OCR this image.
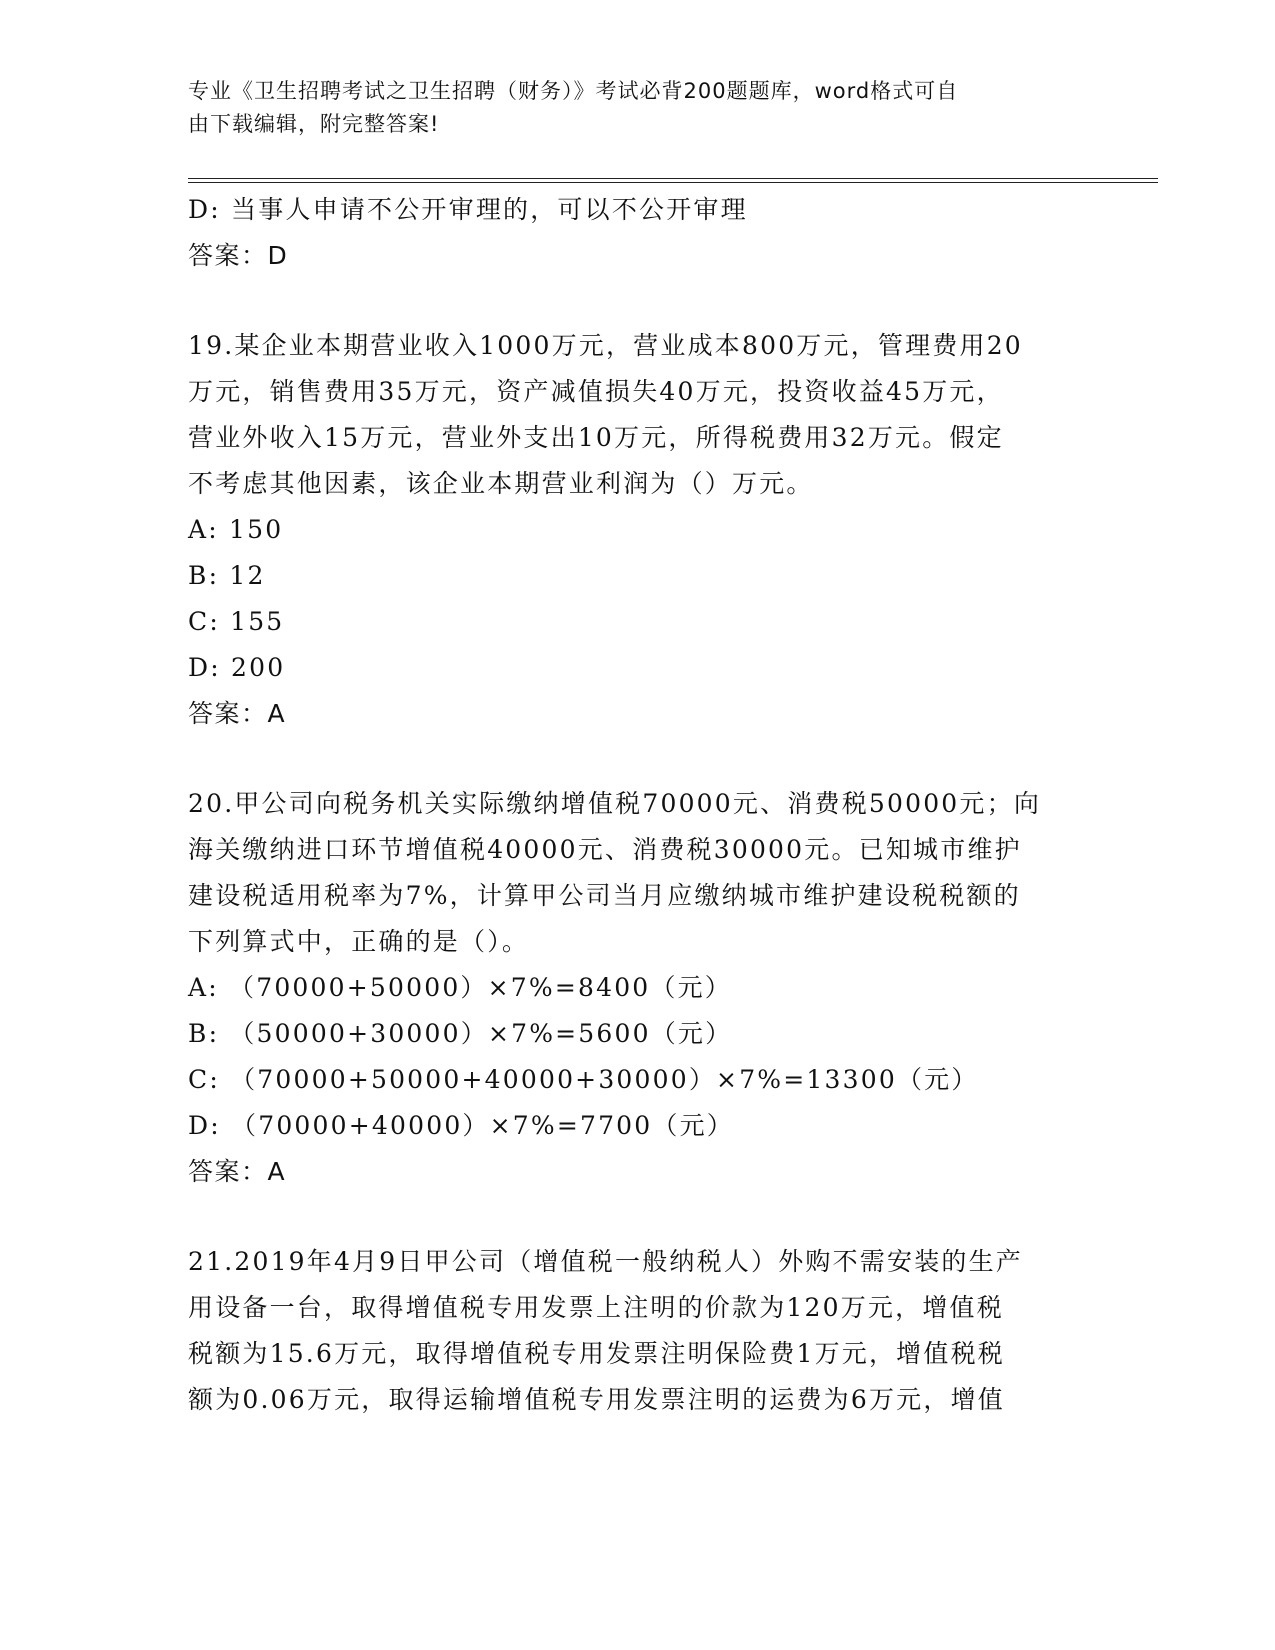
专业《卫生招聘考试之卫生招聘（财务）》考试必背200题题库，word格式可自
由下载编辑，附完整答案!
D: 当事人申请不公开审理的，可以不公开审理
答案：D
19.某企业本期营业收入1000万元，营业成本800万元，管理费用20
万元，销售费用35万元，资产减值损失40万元，投资收益45万元，
营业外收入15万元，营业外支出10万元，所得税费用32万元。假定
不考虑其他因素，该企业本期营业利润为（）万元。
A: 150
B: 12
C: 155
D: 200
答案：A
20.甲公司向税务机关实际缴纳增值税70000元、消费税50000元；向
海关缴纳进口环节增值税40000元、消费税30000元。已知城市维护
建设税适用税率为7%，计算甲公司当月应缴纳城市维护建设税税额的
下列算式中，正确的是（）。
A: （70000+50000）×7%=8400（元）
B: （50000+30000）×7%=5600（元）
C: （70000+50000+40000+30000）×7%=13300（元）
D: （70000+40000）×7%=7700（元）
答案：A
21.2019年4月9日甲公司（增值税一般纳税人）外购不需安装的生产
用设备一台，取得增值税专用发票上注明的价款为120万元，增值税
税额为15.6万元，取得增值税专用发票注明保险费1万元，增值税税
额为0.06万元，取得运输增值税专用发票注明的运费为6万元，增值
